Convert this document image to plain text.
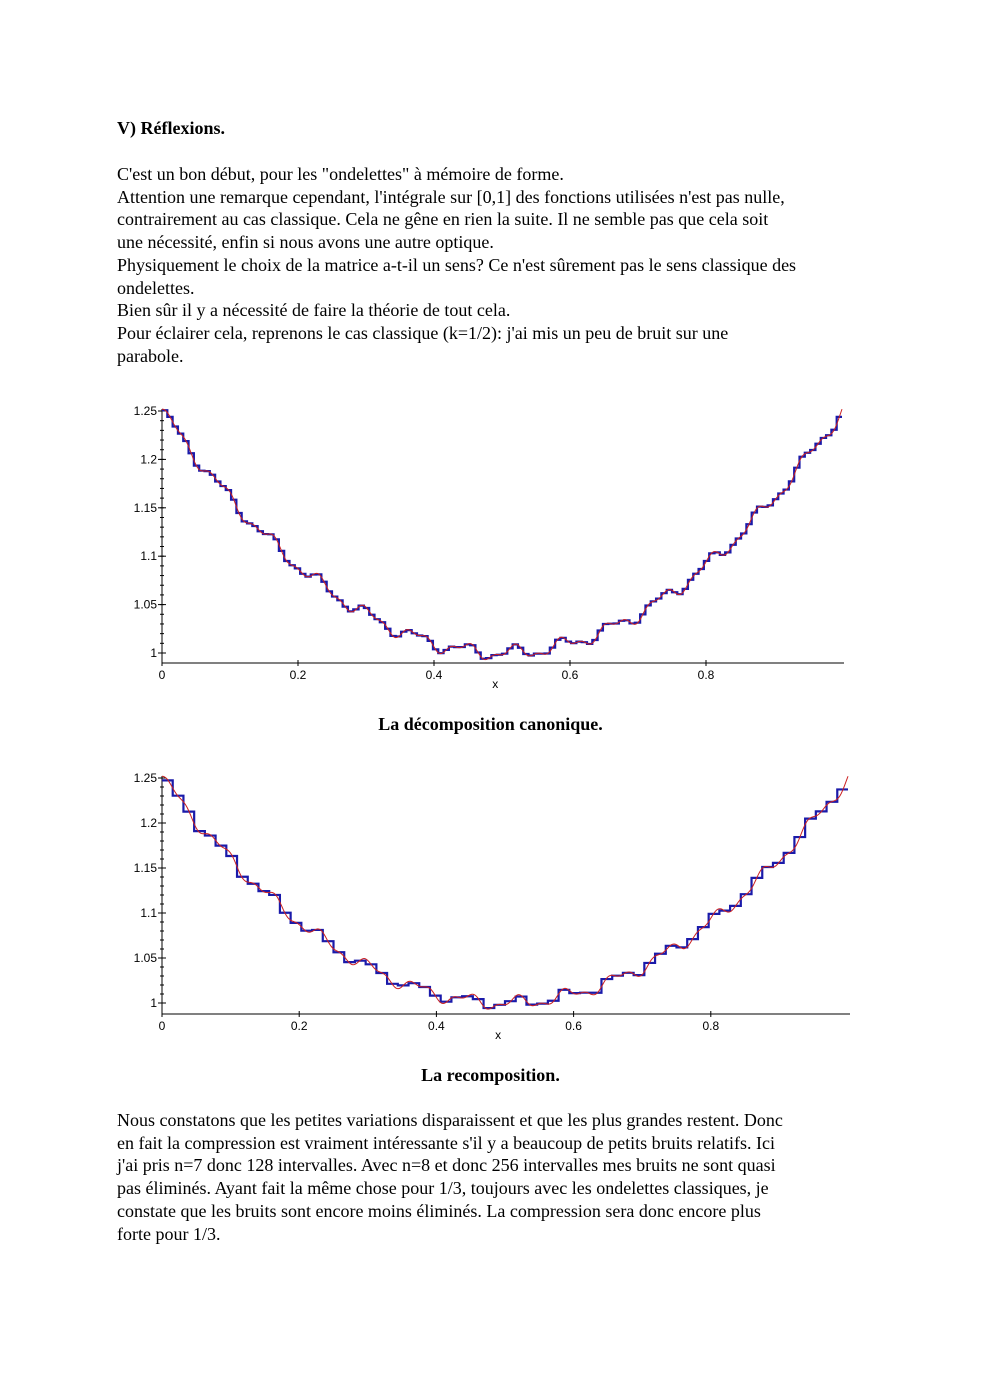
V) Réflexions.

C'est un bon début, pour les "ondelettes" à mémoire de forme.
Attention une remarque cependant, l'intégrale sur [0,1] des fonctions utilisées n'est pas nulle,
contrairement au cas classique. Cela ne gêne en rien la suite. Il ne semble pas que cela soit
une nécessité, enfin si nous avons une autre optique.
Physiquement le choix de la matrice a-t-il un sens? Ce n'est sûrement pas le sens classique des
ondelettes.
Bien sûr il y a nécessité de faire la théorie de tout cela.
Pour éclairer cela, reprenons le cas classique (k=1/2): j'ai mis un peu de bruit sur une
parabole.

1
1.05
1.1
1.15
1.2
1.25
0	0.2	0.4	0.6	0.8
x

La décomposition canonique.

1
1.05
1.1
1.15
1.2
1.25
0	0.2	0.4	0.6	0.8
x

La recomposition.

Nous constatons que les petites variations disparaissent et que les plus grandes restent. Donc
en fait la compression est vraiment intéressante s'il y a beaucoup de petits bruits relatifs. Ici
j'ai pris n=7 donc 128 intervalles. Avec n=8 et donc 256 intervalles mes bruits ne sont quasi
pas éliminés. Ayant fait la même chose pour 1/3, toujours avec les ondelettes classiques, je
constate que les bruits sont encore moins éliminés. La compression sera donc encore plus
forte pour 1/3.
